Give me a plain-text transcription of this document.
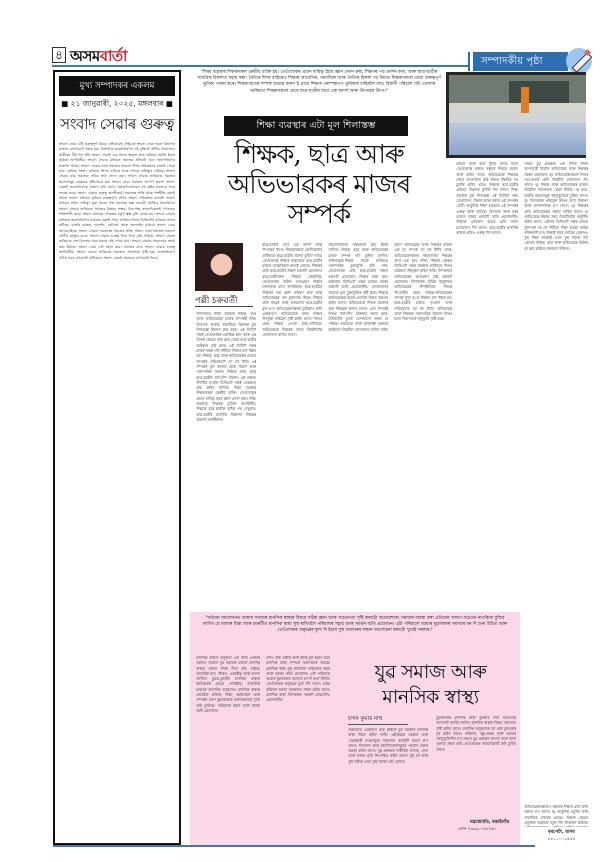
৪ অসমবার্তা	সম্পাদকীয় পৃষ্ঠা
মুখ্য সম্পাদকৰ একলম
■ ২১ জানুৱাৰী, ২০২৫, মঙ্গলবাৰ ■
সংবাদ সেৱাৰ গুৰুত্ব
সংবাদ সেৱা এটি গুৰুত্বপূৰ্ণ বিষয়। সেইবাবেই সেইমতে সংবাদ সেৱা সকল বিভাগৰ মাজত যোগাযোগ সহায় হয়। বিশেষকৈ জনসাধাৰণৰ এই বৃত্তিটো অধিক প্ৰয়োজন। অতীতৰ দীৰ্ঘ দিন ধৰি সংবাদ সেৱাই এক প্ৰকাৰ ক্ষমতা লাভ কৰিছে। আজি ইয়াৰ ভূমিকা অপৰিসীম। সংবাদ সেৱাৰ মাধ্যমত সমাজৰ প্ৰতিটো খবৰ জনসাধাৰণৰ মাজলৈ আহে। সংবাদ সেৱাৰ দ্বাৰা সমাজৰ সকলো দিশৰ পৰিৱৰ্তনৰ বাতৰি পোৱা যায়। বৰ্তমান সংবাদ মাধ্যমৰ সংখ্যা বাঢ়িছে আৰু লগতে দায়িত্বও বাঢ়িছে। সংবাদ সেৱাৰ কাম সমাজক সঠিক তথ্য প্ৰদান কৰা। সংবাদ সেৱাৰ জৰিয়তে সমাজৰ সমস্যাসমূহ চৰকাৰৰ দৃষ্টিগোচৰ হয়। সংবাদ সেৱা সমাজৰ দাপোণ স্বৰূপ। সংবাদ সেৱাই জনসাধাৰণক সজাগ কৰি ৰাখে। সাংবাদিকসকলে বহু কষ্টৰ মাজেৰে খবৰ সংগ্ৰহ কৰে। সংবাদ সেৱাৰ গুৰুত্ব অনস্বীকাৰ্য। সমাজত শান্তি আৰু সম্প্ৰীতি বজাই ৰখাত সংবাদ মাধ্যমৰ ভূমিকা গুৰুত্বপূৰ্ণ। সঠিক সংবাদ পৰিৱেশন কৰাটো সংবাদ মাধ্যমৰ প্ৰধান দায়িত্ব। ভুৱা খবৰৰ পৰা সমাজক ৰক্ষা কৰাটো আজিৰ প্ৰত্যাহ্বান। সংবাদ সেৱাৰ জৰিয়তে সমাজৰ উন্নয়ন সম্ভৱ। নিৰপেক্ষ সাংবাদিকতাই গণতন্ত্ৰক শক্তিশালী কৰে। সংবাদ মাধ্যমক গণতন্ত্ৰৰ চতুৰ্থ স্তম্ভ বুলি কোৱা হয়। সংবাদ সেৱাৰ মাধ্যমত জনসাধাৰণৰ মতামত প্ৰকাশ পায়। আজিৰ দিনত ডিজিটেল মাধ্যমৰ প্ৰসাৰ ঘটিছে। বাতৰি কাকত, দূৰদৰ্শন, ৰেডিঅ' আৰু অনলাইন মাধ্যমে সংবাদ সেৱা আগবঢ়াইছে। সংবাদ সেৱাৰ দায়বদ্ধতা সমাজৰ প্ৰতি। সংবাদ সেৱা সমাজৰ সকলো শ্ৰেণীৰ মানুহৰ বাবে। সংবাদ সেৱাৰ গুৰুত্ব দিনে দিনে বৃদ্ধি পাইছে। সংবাদ সেৱাৰ জৰিয়তে দেশ-বিদেশৰ খবৰ ঘৰতে বহি পোৱা যায়। সংবাদ সেৱাক সকলোৱে সহায় কৰা উচিত। সংবাদ সেৱা এটা মহান কাম। সমাজৰ বাবে সংবাদ সেৱাৰ গুৰুত্ব অপৰিসীম। সংবাদ সেৱাৰ জৰিয়তে সমাজত সজাগতা সৃষ্টি হয়। জনসাধাৰণে সঠিক খবৰ পোৱাটো অধিকাৰ। সংবাদ সেৱাই সমাজক আগবঢ়াই নিয়ে।
"শিক্ষা ব্যৱস্থাৰ শিক্ষকসকল কেন্দ্ৰীয় ব্যক্তি হয়। তেওঁলোকৰ প্ৰধান দায়িত্ব হৈছে জ্ঞান প্ৰদান কৰা, শিক্ষণৰ পথ প্ৰদৰ্শন কৰা, আৰু ছাত্ৰ-ছাত্ৰীৰ সামগ্ৰিক বিকাশত সহায় কৰা। নৈতিক দিশৰ বাহিৰেও শিক্ষাৰ আবেগিক, সামাজিক আৰু নৈতিক বিকাশ গঢ় দিয়াত শিক্ষকসকলে প্ৰায়ে গুৰুত্বপূৰ্ণ ভূমিকা পালন কৰে। শিক্ষক-ছাত্ৰৰ সম্পৰ্ক অত্যন্ত কাৰণ ই প্ৰায়ে শিক্ষাৰ পৰম্পৰাগত ভূমিকাৰ বাহিৰলৈ যায়। বিশ্বাসী পৰিৱেশ গঢ়ি তোলাৰ জৰিয়তে শিক্ষকসকলে প্ৰায়ে ছাত্ৰ-ছাত্ৰীৰ বাবে এক আদৰ্শ আৰু উৎসাহৰ উৎস।"
শিক্ষা ব্যৱস্থাৰ এটা মূল শিলাস্তম্ভ
শিক্ষক, ছাত্ৰ আৰু অভিভাৱকৰ মাজৰ সম্পৰ্ক
পল্লী চক্ৰৱৰ্তী
বিদ্যালয়ত শিক্ষা ব্যৱস্থাৰ শিক্ষক, ছাত্ৰ আৰু অভিভাৱকৰ মাজৰ সম্পৰ্কই শিক্ষা বিভাগৰ আধাৰ সামাজিক বিকাশৰ মূল শিলাস্তম্ভ হিচাপে কাম কৰে। এই তিনিটা পক্ষই তেওঁলোকৰ একাধিক ধৰণ আৰু এক বিশেষ ক্ষেত্ৰত কাম কৰে যোৱা ছাত্ৰ-ছাত্ৰীৰ অধিকাৰ বৃদ্ধি কৰে। এই তিনিটা পক্ষৰ মাজৰ সম্বন্ধ গঢ়ি উঠিলে শিক্ষাৰ মান উন্নত হয়। শিক্ষক, ছাত্ৰ আৰু অভিভাৱকৰ মাজত সম্পৰ্কৰ পৰিৱেশটো গঢ় লৈ উঠে। এই সম্পৰ্কৰ মূল আধাৰ হৈছে বিশ্বাস আৰু পাৰস্পৰিক সন্মান। শিক্ষাৰ লক্ষ্য হৈছে ছাত্ৰ-ছাত্ৰীৰ সৰ্বাংগীণ বিকাশ। এই লক্ষ্যত উপনীত হ'বলৈ তিনিওটা পক্ষই একেলগে কাম কৰিব লাগিব। শিক্ষা ব্যৱস্থাৰ শিক্ষকসকল কেন্দ্ৰীয় ব্যক্তি। তেওঁলোকৰ প্ৰধান দায়িত্ব হৈছে জ্ঞান প্ৰদান কৰা। শিক্ষা ব্যৱস্থাত শিক্ষকৰ ভূমিকা অপৰিসীম। শিক্ষকে ছাত্ৰ-ছাত্ৰীক সঠিক পথ দেখুৱায়। ছাত্ৰ-ছাত্ৰীৰ মানসিক বিকাশত শিক্ষকৰ অৱদান অনস্বীকাৰ্য।
ছাত্ৰ-ছাত্ৰীৰ বাবে এক আদৰ্শ আৰু উৎসাহৰ উৎস। শিক্ষকসকলে শ্ৰেণীকোঠাৰ বাহিৰতো ছাত্ৰ-ছাত্ৰীৰ সমস্যা বুজিব পাৰে। তেওঁলোকে শিক্ষাৰ মাধ্যমেৰে ছাত্ৰ-ছাত্ৰীৰ মাজত আত্মবিশ্বাস জগাই তোলে। শিক্ষকৰ প্ৰতি ছাত্ৰ-ছাত্ৰীৰ সন্মান থকাটো প্ৰয়োজন। ছাত্ৰ-ছাত্ৰীসকল শিক্ষাৰ কেন্দ্ৰবিন্দু। তেওঁলোকৰ সক্ৰিয় অংশগ্ৰহণ শিক্ষাৰ সফলতাৰ বাবে অপৰিহাৰ্য। ছাত্ৰ-ছাত্ৰীয়ে শিক্ষকৰ পৰা জ্ঞান আহৰণ কৰে আৰু অভিভাৱকৰ পৰা মূল্যবোধ শিকে। শিক্ষাৰ প্ৰতি আগ্ৰহ আৰু অধ্যৱসায় ছাত্ৰ-ছাত্ৰীৰ মূল গুণ। অভিভাৱকসকলৰ ভূমিকাও অতি গুৰুত্বপূৰ্ণ। অভিভাৱকে ঘৰত শিক্ষাৰ উপযুক্ত পৰিৱেশ সৃষ্টি কৰিব লাগে। শিশুৰ প্ৰথম শিক্ষক তেওঁৰ মাক-দেউতাক। অভিভাৱকে শিক্ষকৰ সৈতে নিয়মীয়াকৈ যোগাযোগ ৰাখিব লাগে।
সহযোগিতাৰে পৰিৱেশত কাম কৰিব লাগিব। শিক্ষক, ছাত্ৰ আৰু অভিভাৱকৰ মাজৰ সম্পৰ্ক গঢ়ি তুলিব লাগিব। অভিভাৱক-শিক্ষক সভাৰ জৰিয়তে পাৰস্পৰিক বুজাবুজি বৃদ্ধি পায়। তেওঁলোকৰ প্ৰতি ছাত্ৰ-ছাত্ৰীৰ সন্মান থকাটো প্ৰয়োজন। শিক্ষাৰ লক্ষ্য পূৰণ কৰিবলৈ তিনিওটা পক্ষৰ মাজত সমন্বয় থকাটো অতি প্ৰয়োজনীয়। যোগাযোগৰ অভাৱে ভুল বুজাবুজিৰ সৃষ্টি কৰে। শিক্ষকে অভিভাৱকক ছাত্ৰৰ প্ৰগতিৰ বিষয়ে অৱগত কৰিব লাগে। অভিভাৱকে শিশুৰ সমস্যাৰ কথা শিক্ষকক জনাব লাগে। এনে সম্পৰ্কই শিশুৰ সৰ্বাংগীণ বিকাশত সহায় কৰে। ডিজিটেল যুগত যোগাযোগ সহজ হৈ পৰিছে। ভ্ৰাম্যভাষ আৰু অনলাইন মাধ্যমৰ জৰিয়তে নিয়মীয়া যোগাযোগ ৰাখিব পাৰি।
ধৰণে অভিভাৱক আৰু শিক্ষকৰ মাজত এক দৃঢ় সম্পৰ্ক গঢ় লৈ উঠিব পাৰে। অভিভাৱকসকলৰ সহযোগিতা শিক্ষকৰ বাবে এক বৃহৎ শক্তি। শিক্ষাৰ ক্ষেত্ৰত তিনিওটা পক্ষৰ সমন্বয়ৰ জৰিয়তে শিশুৰ ভৱিষ্যত উজ্জ্বল কৰিব পাৰি। বিদ্যালয়ত অভিভাৱকৰ অংশগ্ৰহণ বৃদ্ধি কৰাটো প্ৰয়োজন। বিদ্যালয়ৰ বিভিন্ন অনুষ্ঠানত অভিভাৱকৰ উপস্থিতিয়ে শিশুক উৎসাহিত কৰে। শিক্ষক-অভিভাৱকৰ সম্পৰ্ক সুদৃঢ় হ'লে শিক্ষাৰ মান উন্নত হয়। ছাত্ৰ-ছাত্ৰীৰ মাজত শৃংখলা আৰু দায়িত্ববোধ গঢ় লৈ উঠে। অভিভাৱক আৰু শিক্ষকৰ পাৰস্পৰিক বিশ্বাসে শিশুৰ মনত নিৰাপত্তাৰ অনুভূতি সৃষ্টি কৰে।
মাজত আৰু ছাত্ৰ সুবিধ লাভে যাতে তেওঁলোকে মাজত সন্মুখৰ শিক্ষাৰ সমস্যা আৰু কৰিব পাৰে। অভিভাৱকে শিক্ষকৰ সৈতে আলোচনা কৰি শিশুৰ উন্নতিৰ পথ মুকলি কৰিব পাৰে। শিক্ষকে ছাত্ৰ-ছাত্ৰীৰ প্ৰতিভা বিকাশৰ সুবিধা দিব লাগে। শিক্ষা ব্যৱস্থাৰ মূল শিলাস্তম্ভ এই তিনিটা পক্ষ। যোগাযোগ, বিশ্বাস আৰু সন্মান এই সম্পৰ্কৰ ভেটি। আধুনিক শিক্ষা ব্যৱস্থাত এই সম্পৰ্কৰ গুৰুত্ব আৰু বাঢ়িছে। বিদ্যালয় আৰু ঘৰৰ মাজত সমন্বয় থকাটো অতি প্ৰয়োজনীয়। শিক্ষকে প্ৰতিজন ছাত্ৰৰ প্ৰতি সমান মনোযোগ দিব লাগে। ছাত্ৰ-ছাত্ৰীৰ মানসিক স্বাস্থ্যৰ প্ৰতিও গুৰুত্ব দিব লাগে।
পাৰে। যুৱ প্ৰজন্মক এক সঠিক দিশত আগবঢ়াই নিবলৈ অভিভাৱক আৰু শিক্ষকৰ সমন্বয় প্ৰয়োজন। ক) অভিভাৱকসকলে শিশুৰ পঢ়া-শুনাৰ প্ৰতি নিয়মীয়া মনোযোগ দিব লাগে। খ) শিক্ষক আৰু অভিভাৱকৰ মাজত নিয়মীয়া আলোচনা হোৱা উচিত। গ) ছাত্ৰ-ছাত্ৰীৰ সমস্যাসমূহ সহানুভূতিৰে বুজিব লাগে। ঘ) বিদ্যালয়ৰ পৰিৱেশ শিশুৰ বাবে নিৰাপদ আৰু আনন্দদায়ক হ'ব লাগে। ঙ) শিক্ষকৰ প্ৰতি অভিভাৱকৰ সন্মান থাকিব লাগে। চ) অভিভাৱক-শিক্ষক সভা নিয়মীয়াকৈ অনুষ্ঠিত কৰিব লাগে। এইদৰে তিনিওটা পক্ষৰ মাজত সুসম্পৰ্ক গঢ় লৈ উঠিলে শিক্ষা ব্যৱস্থা অধিক শক্তিশালী হ'ব। শিক্ষাই হৈছে জাতিৰ মেৰুদণ্ড। সুস্থ শিক্ষা ব্যৱস্থাই এখন সুস্থ সমাজ গঢ়ি তোলে। শিক্ষক, ছাত্ৰ আৰু অভিভাৱক মিলিত হৈ কাম কৰিলে সফলতা নিশ্চিত।
"বৰ্তমান সমাজখনত আমাৰ সমাজৰ মানসিক স্বাস্থ্যৰ বিষয়ে সঠিক জ্ঞান আৰু সচেতনতা সৃষ্টি কৰাটো অত্যাৱশ্যক। সমাজৰ বাবস্থা কৰা প্ৰতিজন সজাগ সচেতন নাগৰিকে বুজিব লাগিব যে আমাৰ চিন্তা আৰু চমনটীত মানসিক স্বাস্থ্য সুস্থ ৰাখিবলৈ পৰিয়ালৰ সহায় আৰু সমৰ্থন অতি প্ৰয়োজন। এটা পৰিয়ালে আমাৰ যুৱসকলৰ সমস্যাৰ মন দি শুনা উচিত আৰু তেওঁলোকৰ অনুভৱৰ মূল্য দি ইয়াৰ সুস্থ সমাধানৰ সন্ধান আলোচনা কৰাটো খুবেই দৰকাৰ।"
মানসিক স্বাস্থ্যৰ অসুস্থতা এক অতি গুৰুতৰ সমস্যা। বৰ্তমান যুৱ সমাজৰ মাজত মানসিক স্বাস্থ্যৰ সমস্যা দিনক দিনে বৃদ্ধি পাইছে। অত্যধিক চাপ, উদ্বেগ, একাকীত্ব আৰু হতাশা আদিয়ে যুৱক-যুৱতীৰ মানসিক স্বাস্থ্যত ক্ষতিকাৰক প্ৰভাৱ পেলাইছে। সামাজিক মাধ্যমৰ অত্যধিক ব্যৱহাৰেও মানসিক স্বাস্থ্যক প্ৰভাৱিত কৰিছে। শিক্ষা, কৰ্মসংস্থান আৰু সম্পৰ্কৰ চাপে যুৱসমাজক মানসিকভাৱে দুৰ্বল কৰি তুলিছে। পৰিয়ালৰ সহায় আৰু সমৰ্থন অতি প্ৰয়োজন।
যদিও বৃদ্ধি পাইছে আৰু ইয়াৰ মূল কাৰণ হৈছে মানসিক স্বাস্থ্য সম্পৰ্কে সজাগতাৰ অভাৱ। মানসিক স্বাস্থ্য সুস্থ ৰাখিবলৈ পৰিয়ালৰ সহায় আৰু সমৰ্থন অতি প্ৰয়োজন। এটা পৰিয়ালে আমাৰ যুৱসকলৰ সমস্যাৰ মন দি শুনা উচিত। তেওঁলোকৰ অনুভৱৰ মূল্য দিব লাগে। বাস্তৱ জীৱনৰ সমস্যা সমাধানত সহায় কৰিব লাগে। মানসিক স্বাস্থ্য বিশেষজ্ঞৰ পৰামৰ্শ লোৱাটোও প্ৰয়োজনীয়।
যুৱ সমাজ আৰু মানসিক স্বাস্থ্য
চন্দন কুমাৰ নাথ
সকলোৱে একেলগে কাম কৰিলে যুৱ সমাজৰ মানসিক স্বাস্থ্য উন্নত কৰিব পাৰি। এইক্ষেত্ৰত চৰকাৰ আৰু বেচৰকাৰী সংস্থাসমূহে সজাগতা কাৰ্যসূচী হাতত ল'ব লাগে। বিদ্যালয় আৰু মহাবিদ্যালয়সমূহত পৰামৰ্শ সেৱাৰ ব্যৱস্থা কৰিব লাগে। যুৱ প্ৰজন্মক শাৰীৰিক ব্যায়াম, যোগ আৰু ধ্যানৰ প্ৰতি উৎসাহিত কৰিব লাগে। সুস্থ মন আৰু সুস্থ শৰীৰে এখন সুস্থ সমাজ গঢ়ি তোলে।
যুৱসমাজৰ মানসিক স্বাস্থ্য সুৰক্ষাৰ বাবে সকলোৱে আগবাঢ়ি আহিব লাগিব। মানসিক স্বাস্থ্যৰ বিষয়ে সজাগতা সৃষ্টি কৰিব লাগে। মানসিক অসুস্থতাক লৈ থকা কুসংস্কাৰ দূৰ কৰিব লাগে। পৰিয়াল, বন্ধু-বান্ধৱ আৰু সমাজে সহানুভূতিশীল হ'ব লাগে। যুৱ প্ৰজন্মৰ সপোন আৰু আশা পূৰণত সহায় কৰি তেওঁলোকক আত্মবিশ্বাসী কৰি তুলিব লাগে।
নৱজ্যোতি, বঙাইগাঁও
ফোন ৭৩৯৯০-৪৮৭৬০
অভিভাৱকসকলেও সন্তানৰ শিক্ষাৰ প্ৰতি অতি সজাগ হ'ব লাগে। খ) আধুনিক প্ৰযুক্তি আৰু সামাজিক মাধ্যমৰ প্ৰভাৱ। শিক্ষাৰ ক্ষেত্ৰত প্ৰযুক্তিৰ ব্যৱহাৰে নতুন দিশ উন্মোচন কৰিছে।
বৰপেটা, অসম
৮৮১১০০২৫৩৪
